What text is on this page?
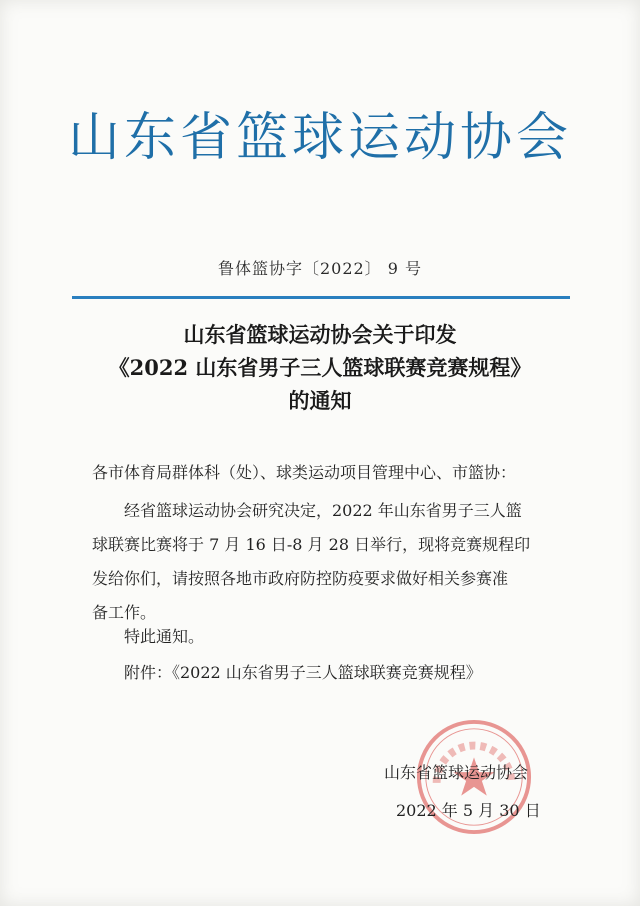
山东省篮球运动协会
鲁体篮协字〔2022〕 9 号
山东省篮球运动协会关于印发
《2022 山东省男子三人篮球联赛竞赛规程》
的通知
各市体育局群体科（处）、球类运动项目管理中心、市篮协：
经省篮球运动协会研究决定，2022 年山东省男子三人篮
球联赛比赛将于 7 月 16 日-8 月 28 日举行，现将竞赛规程印
发给你们，请按照各地市政府防控防疫要求做好相关参赛准
备工作。
特此通知。
附件：《2022 山东省男子三人篮球联赛竞赛规程》
山东省篮球运动协会
2022 年 5 月 30 日
